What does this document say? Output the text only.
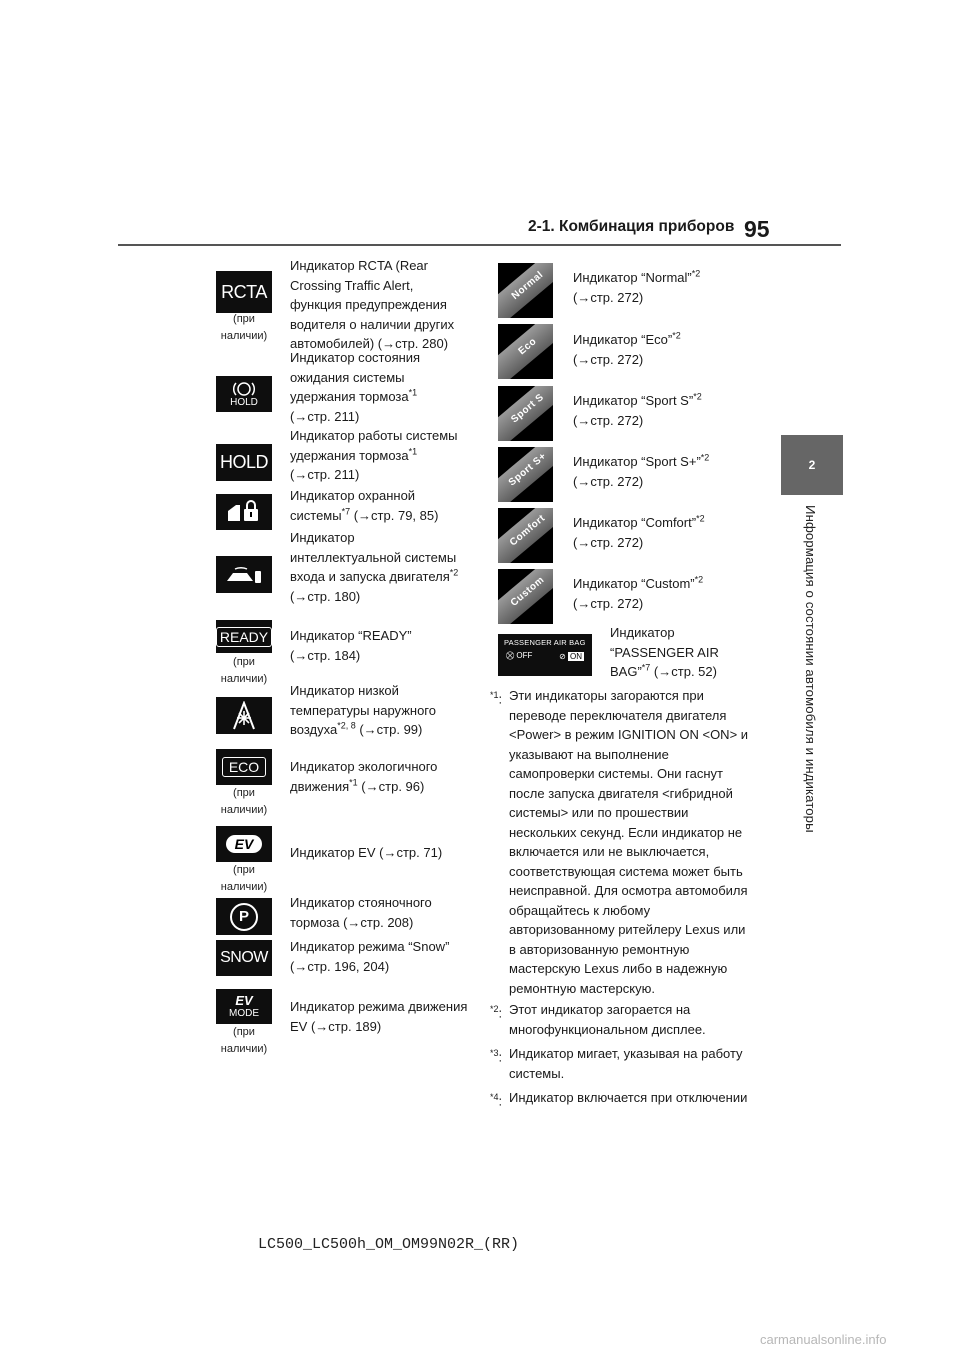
95
2-1. Комбинация приборов
2
Информация о состоянии автомобиля и индикаторы
RCTA
(при
наличии)
HOLD
HOLD
READY
(при
наличии)
ECO
(при
наличии)
EV
(при
наличии)
P
SNOW
EV
MODE
(при
наличии)
Индикатор RCTA (Rear
Crossing Traffic Alert,
функция предупреждения
водителя о наличии других
автомобилей) (→стр. 280)
Индикатор состояния
ожидания системы
удержания тормоза$^{*1}$
(→стр. 211)
Индикатор работы системы
удержания тормоза$^{*1}$
(→стр. 211)
Индикатор охранной
системы$^{*7}$ (→стр. 79, 85)
Индикатор
интеллектуальной системы
входа и запуска двигателя$^{*2}$
(→стр. 180)
Индикатор “READY”
(→стр. 184)
Индикатор низкой
температуры наружного
воздуха$^{*2, 8}$ (→стр. 99)
Индикатор экологичного
движения$^{*1}$ (→стр. 96)
Индикатор EV (→стр. 71)
Индикатор стояночного
тормоза (→стр. 208)
Индикатор режима “Snow”
(→стр. 196, 204)
Индикатор режима движения
EV (→стр. 189)
Normal
Eco
Sport S
Sport S+
Comfort
Custom
Индикатор “Normal”$^{*2}$
(→стр. 272)
Индикатор “Eco”$^{*2}$
(→стр. 272)
Индикатор “Sport S”$^{*2}$
(→стр. 272)
Индикатор “Sport S+”$^{*2}$
(→стр. 272)
Индикатор “Comfort”$^{*2}$
(→стр. 272)
Индикатор “Custom”$^{*2}$
(→стр. 272)
PASSENGER AIR BAG
⛒ OFF	⊘ ON
Индикатор
“PASSENGER AIR
BAG”$^{*7}$ (→стр. 52)
$^{*1}$: Эти индикаторы загораются при переводе переключателя двигателя <Power> в режим IGNITION ON <ON> и указывают на выполнение самопроверки системы. Они гаснут после запуска двигателя <гибридной системы> или по прошествии нескольких секунд. Если индикатор не включается или не выключается, соответствующая система может быть неисправной. Для осмотра автомобиля обращайтесь к любому авторизованному ритейлеру Lexus или в авторизованную ремонтную мастерскую Lexus либо в надежную ремонтную мастерскую.
$^{*2}$: Этот индикатор загорается на многофункциональном дисплее.
$^{*3}$: Индикатор мигает, указывая на работу системы.
$^{*4}$: Индикатор включается при отключении
LC500_LC500h_OM_OM99N02R_(RR)
carmanualsonline.info
